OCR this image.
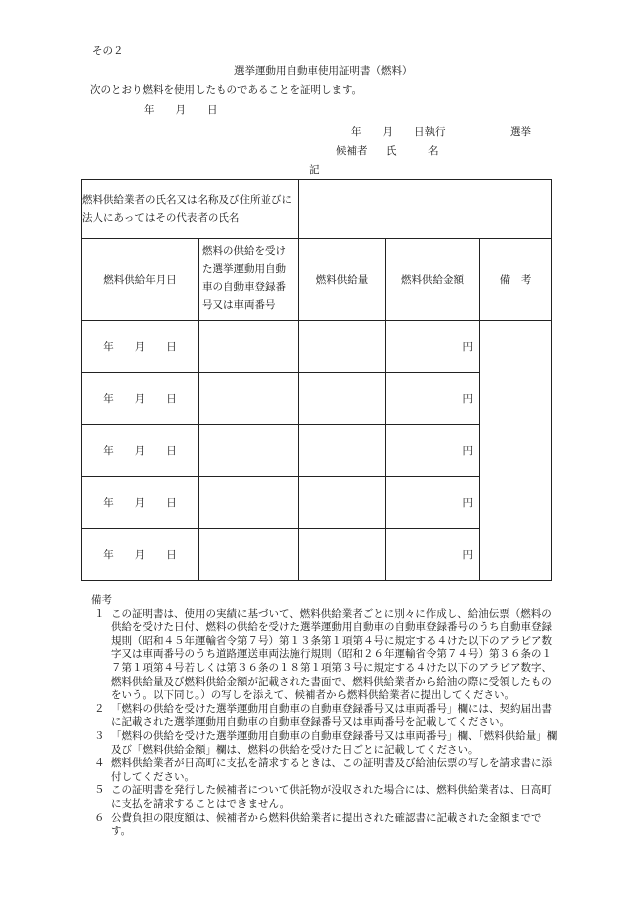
その２
選挙運動用自動車使用証明書（燃料）
次のとおり燃料を使用したものであることを証明します。
年　　月　　日
年　　月　　日執行	選挙
候補者 氏　　　名
記
燃料供給業者の氏名又は名称及び住所並びに法人にあってはその代表者の氏名				
燃料供給年月日	燃料の供給を受けた選挙運動用自動車の自動車登録番号又は車両番号	燃料供給量	燃料供給金額	備　考
年   月   日			円	
年   月   日			円	
年   月   日			円	
年   月   日			円	
年   月   日			円	
備考
１ この証明書は、使用の実績に基づいて、燃料供給業者ごとに別々に作成し、給油伝票（燃料の供給を受けた日付、燃料の供給を受けた選挙運動用自動車の自動車登録番号のうち自動車登録規則（昭和４５年運輸省令第７号）第１３条第１項第４号に規定する４けた以下のアラビア数字又は車両番号のうち道路運送車両法施行規則（昭和２６年運輸省令第７４号）第３６条の１７第１項第４号若しくは第３６条の１８第１項第３号に規定する４けた以下のアラビア数字、燃料供給量及び燃料供給金額が記載された書面で、燃料供給業者から給油の際に受領したものをいう。以下同じ。）の写しを添えて、候補者から燃料供給業者に提出してください。
２ 「燃料の供給を受けた選挙運動用自動車の自動車登録番号又は車両番号」欄には、契約届出書に記載された選挙運動用自動車の自動車登録番号又は車両番号を記載してください。
３ 「燃料の供給を受けた選挙運動用自動車の自動車登録番号又は車両番号」欄、「燃料供給量」欄及び「燃料供給金額」欄は、燃料の供給を受けた日ごとに記載してください。
４ 燃料供給業者が日高町に支払を請求するときは、この証明書及び給油伝票の写しを請求書に添付してください。
５ この証明書を発行した候補者について供託物が没収された場合には、燃料供給業者は、日高町に支払を請求することはできません。
６ 公費負担の限度額は、候補者から燃料供給業者に提出された確認書に記載された金額までです。
